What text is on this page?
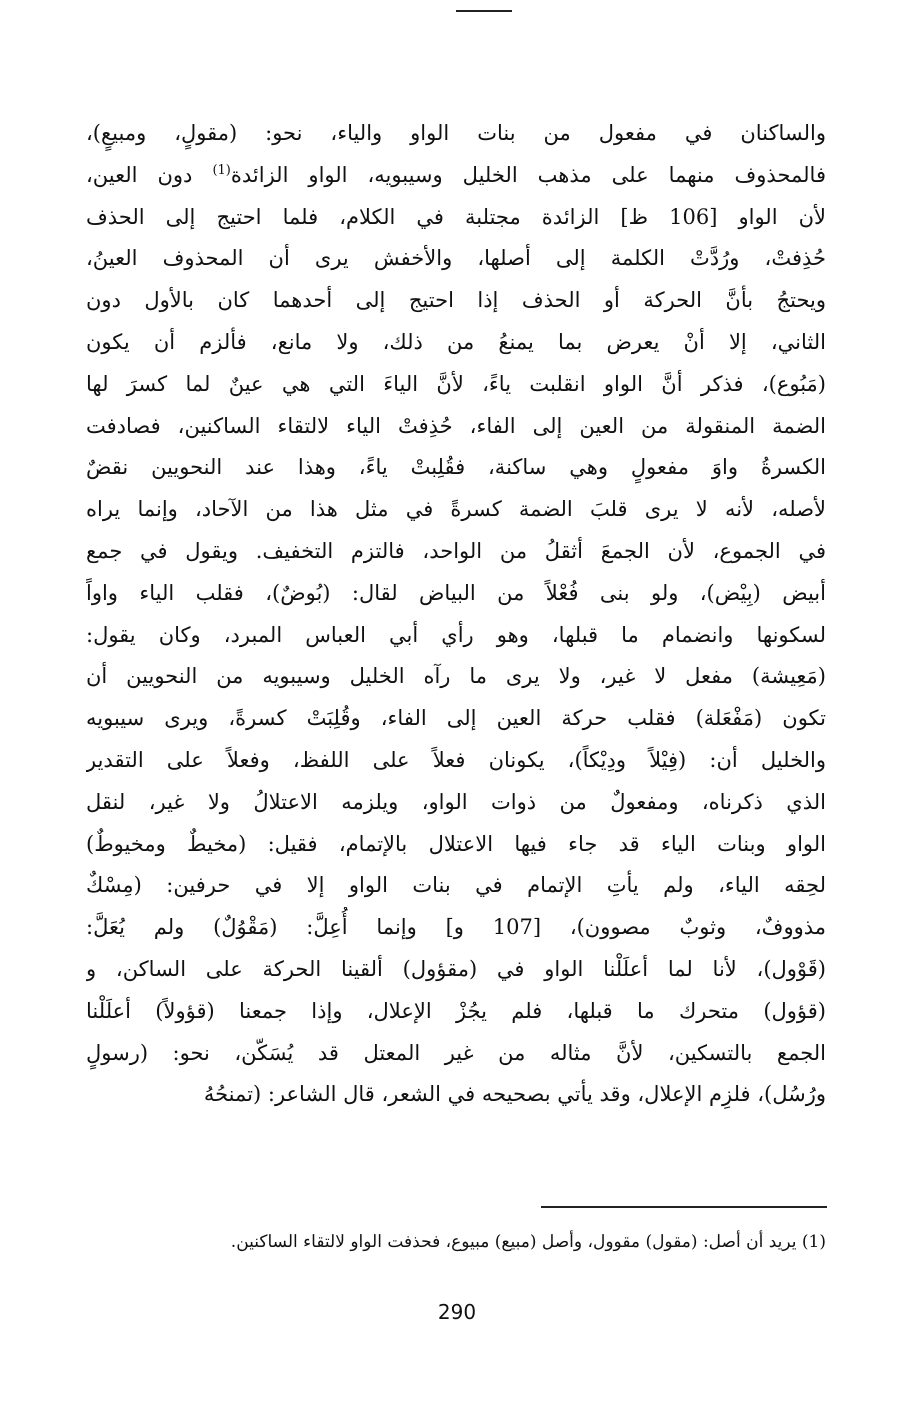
والساكنان في مفعول من بنات الواو والياء، نحو: (مقولٍ، ومبيعٍ)،
فالمحذوف منهما على مذهب الخليل وسيبويه، الواو الزائدة$^{(1)}$ دون العين،
لأن الواو [106 ظ] الزائدة مجتلبة في الكلام، فلما احتيج إلى الحذف
حُذِفتْ، ورُدَّتْ الكلمة إلى أصلها، والأخفش يرى أن المحذوف العينُ،
ويحتجُ بأنَّ الحركة أو الحذف إذا احتيج إلى أحدهما كان بالأول دون
الثاني، إلا أنْ يعرض بما يمنعُ من ذلك، ولا مانع، فألزم أن يكون
(مَبُوع)، فذكر أنَّ الواو انقلبت ياءً، لأنَّ الياءَ التي هي عينٌ لما كسرَ لها
الضمة المنقولة من العين إلى الفاء، حُذِفتْ الياء لالتقاء الساكنين، فصادفت
الكسرةُ واوَ مفعولٍ وهي ساكنة، فقُلِبتْ ياءً، وهذا عند النحويين نقضٌ
لأصله، لأنه لا يرى قلبَ الضمة كسرةً في مثل هذا من الآحاد، وإنما يراه
في الجموع، لأن الجمعَ أثقلُ من الواحد، فالتزم التخفيف. ويقول في جمع
أبيض (بِيْض)، ولو بنى فُعْلاً من البياض لقال: (بُوضٌ)، فقلب الياء واواً
لسكونها وانضمام ما قبلها، وهو رأي أبي العباس المبرد، وكان يقول:
(مَعِيشة) مفعل لا غير، ولا يرى ما رآه الخليل وسيبويه من النحويين أن
تكون (مَفْعَلة) فقلب حركة العين إلى الفاء، وقُلِبَتْ كسرةً، ويرى سيبويه
والخليل أن: (فِيْلاً ودِيْكاً)، يكونان فعلاً على اللفظ، وفعلاً على التقدير
الذي ذكرناه، ومفعولٌ من ذوات الواو، ويلزمه الاعتلالُ ولا غير، لنقل
الواو وبنات الياء قد جاء فيها الاعتلال بالإتمام، فقيل: (مخيطٌ ومخيوطٌ)
لحِقه الياء، ولم يأتِ الإتمام في بنات الواو إلا في حرفين: (مِسْكٌ
مذووفٌ، وثوبٌ مصوون)، [107 و] وإنما أُعِلَّ: (مَقْوُلٌ) ولم يُعَلَّ:
(قَوْول)، لأنا لما أعلَلْنا الواو في (مقؤول) ألقينا الحركة على الساكن، و
(قؤول) متحرك ما قبلها، فلم يجُزْ الإعلال، وإذا جمعنا (قؤولاً) أعلَلْنا
الجمع بالتسكين، لأنَّ مثاله من غير المعتل قد يُسَكّن، نحو: (رسولٍ
ورُسُل)، فلزِم الإعلال، وقد يأتي بصحيحه في الشعر، قال الشاعر: (تمنحُهُ
(1) يريد أن أصل: (مقول) مقوول، وأصل (مبيع) مبيوع، فحذفت الواو لالتقاء الساكنين.
290
